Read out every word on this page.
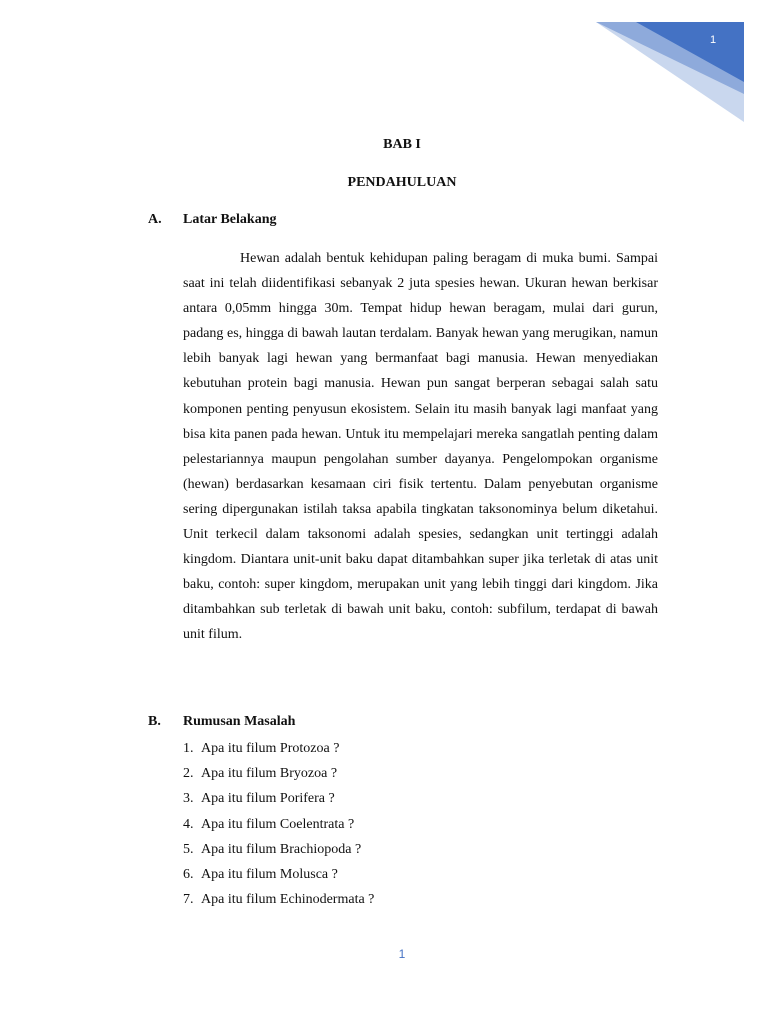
1
BAB I
PENDAHULUAN
A. Latar Belakang

Hewan adalah bentuk kehidupan paling beragam di muka bumi. Sampai saat ini telah diidentifikasi sebanyak 2 juta spesies hewan. Ukuran hewan berkisar antara 0,05mm hingga 30m. Tempat hidup hewan beragam, mulai dari gurun, padang es, hingga di bawah lautan terdalam. Banyak hewan yang merugikan, namun lebih banyak lagi hewan yang bermanfaat bagi manusia. Hewan menyediakan kebutuhan protein bagi manusia. Hewan pun sangat berperan sebagai salah satu komponen penting penyusun ekosistem. Selain itu masih banyak lagi manfaat yang bisa kita panen pada hewan. Untuk itu mempelajari mereka sangatlah penting dalam pelestariannya maupun pengolahan sumber dayanya. Pengelompokan organisme (hewan) berdasarkan kesamaan ciri fisik tertentu. Dalam penyebutan organisme sering dipergunakan istilah taksa apabila tingkatan taksonominya belum diketahui. Unit terkecil dalam taksonomi adalah spesies, sedangkan unit tertinggi adalah kingdom. Diantara unit-unit baku dapat ditambahkan super jika terletak di atas unit baku, contoh: super kingdom, merupakan unit yang lebih tinggi dari kingdom. Jika ditambahkan sub terletak di bawah unit baku, contoh: subfilum, terdapat di bawah unit filum.

B. Rumusan Masalah
1. Apa itu filum Protozoa ?
2. Apa itu filum Bryozoa ?
3. Apa itu filum Porifera ?
4. Apa itu filum Coelentrata ?
5. Apa itu filum Brachiopoda ?
6. Apa itu filum Molusca ?
7. Apa itu filum Echinodermata ?
1
